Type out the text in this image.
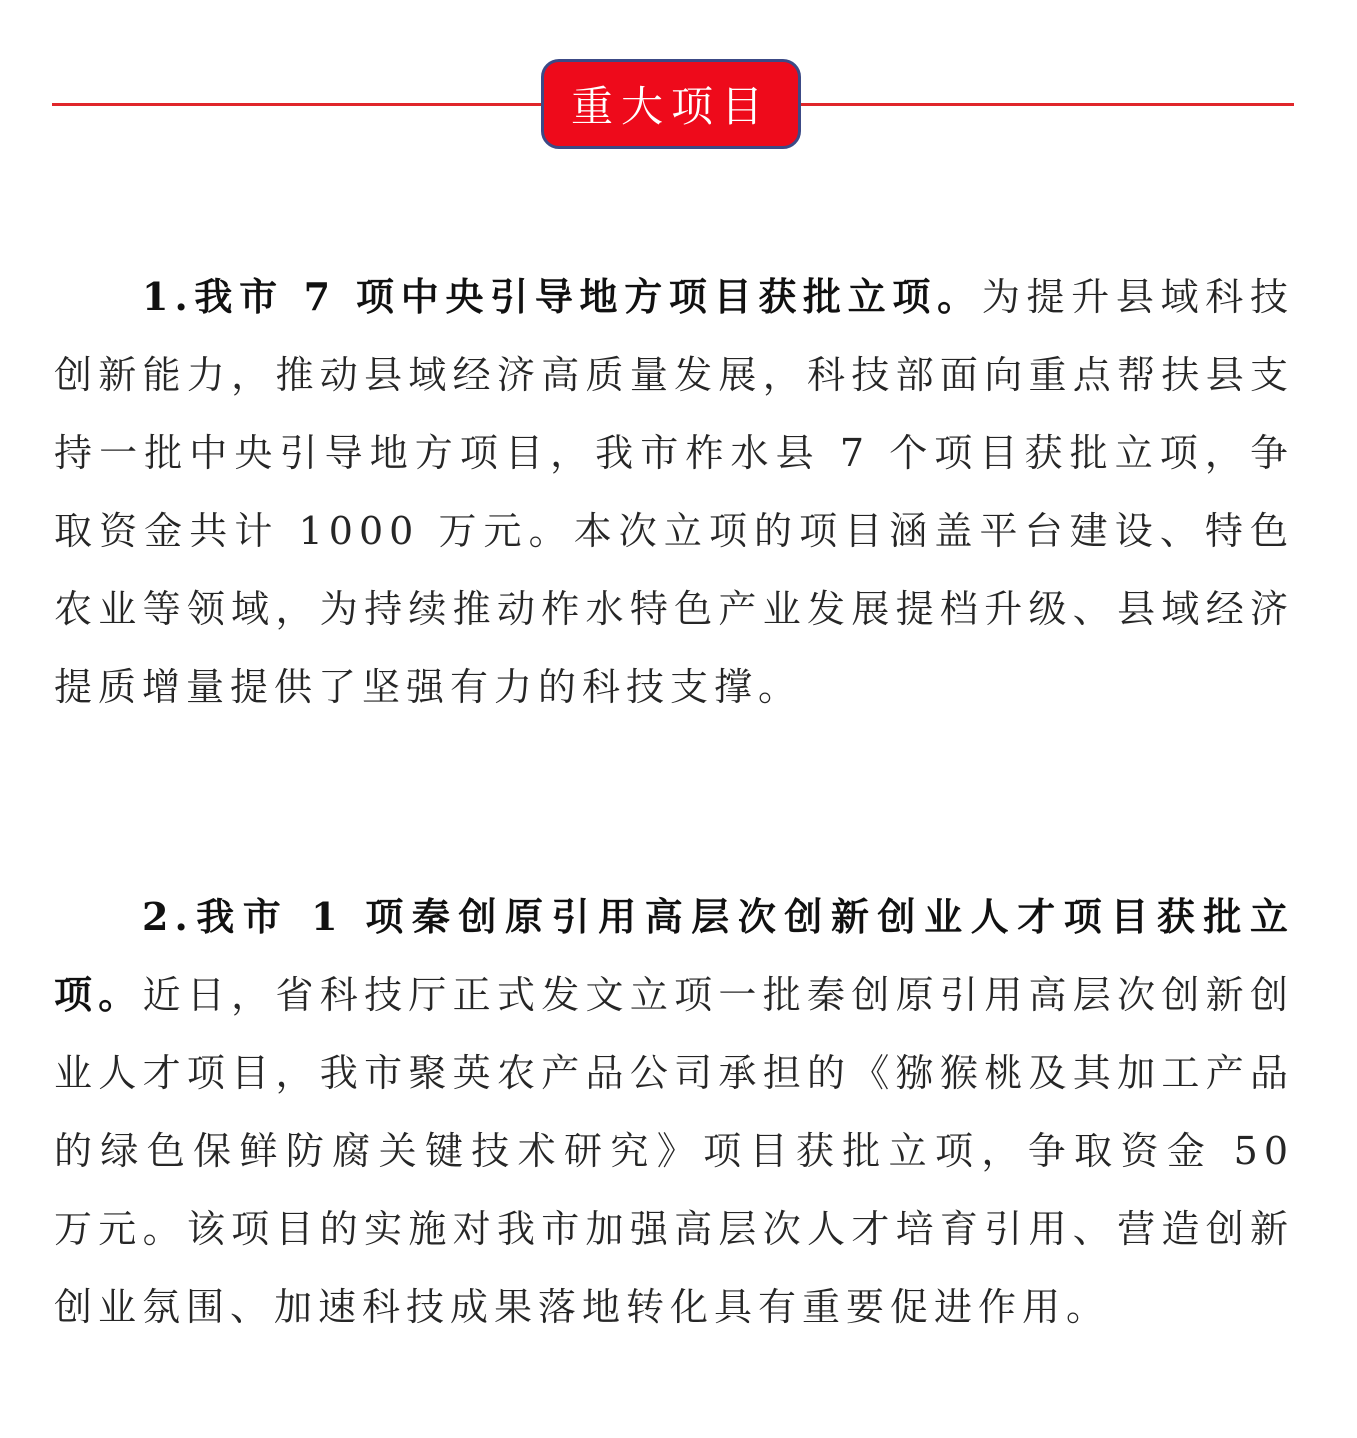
重大项目

1.我市 7 项中央引导地方项目获批立项。为提升县域科技创新能力，推动县域经济高质量发展，科技部面向重点帮扶县支持一批中央引导地方项目，我市柞水县 7 个项目获批立项，争取资金共计 1000 万元。本次立项的项目涵盖平台建设、特色农业等领域，为持续推动柞水特色产业发展提档升级、县域经济提质增量提供了坚强有力的科技支撑。

2.我市 1 项秦创原引用高层次创新创业人才项目获批立项。近日，省科技厅正式发文立项一批秦创原引用高层次创新创业人才项目，我市聚英农产品公司承担的《猕猴桃及其加工产品的绿色保鲜防腐关键技术研究》项目获批立项，争取资金 50 万元。该项目的实施对我市加强高层次人才培育引用、营造创新创业氛围、加速科技成果落地转化具有重要促进作用。
